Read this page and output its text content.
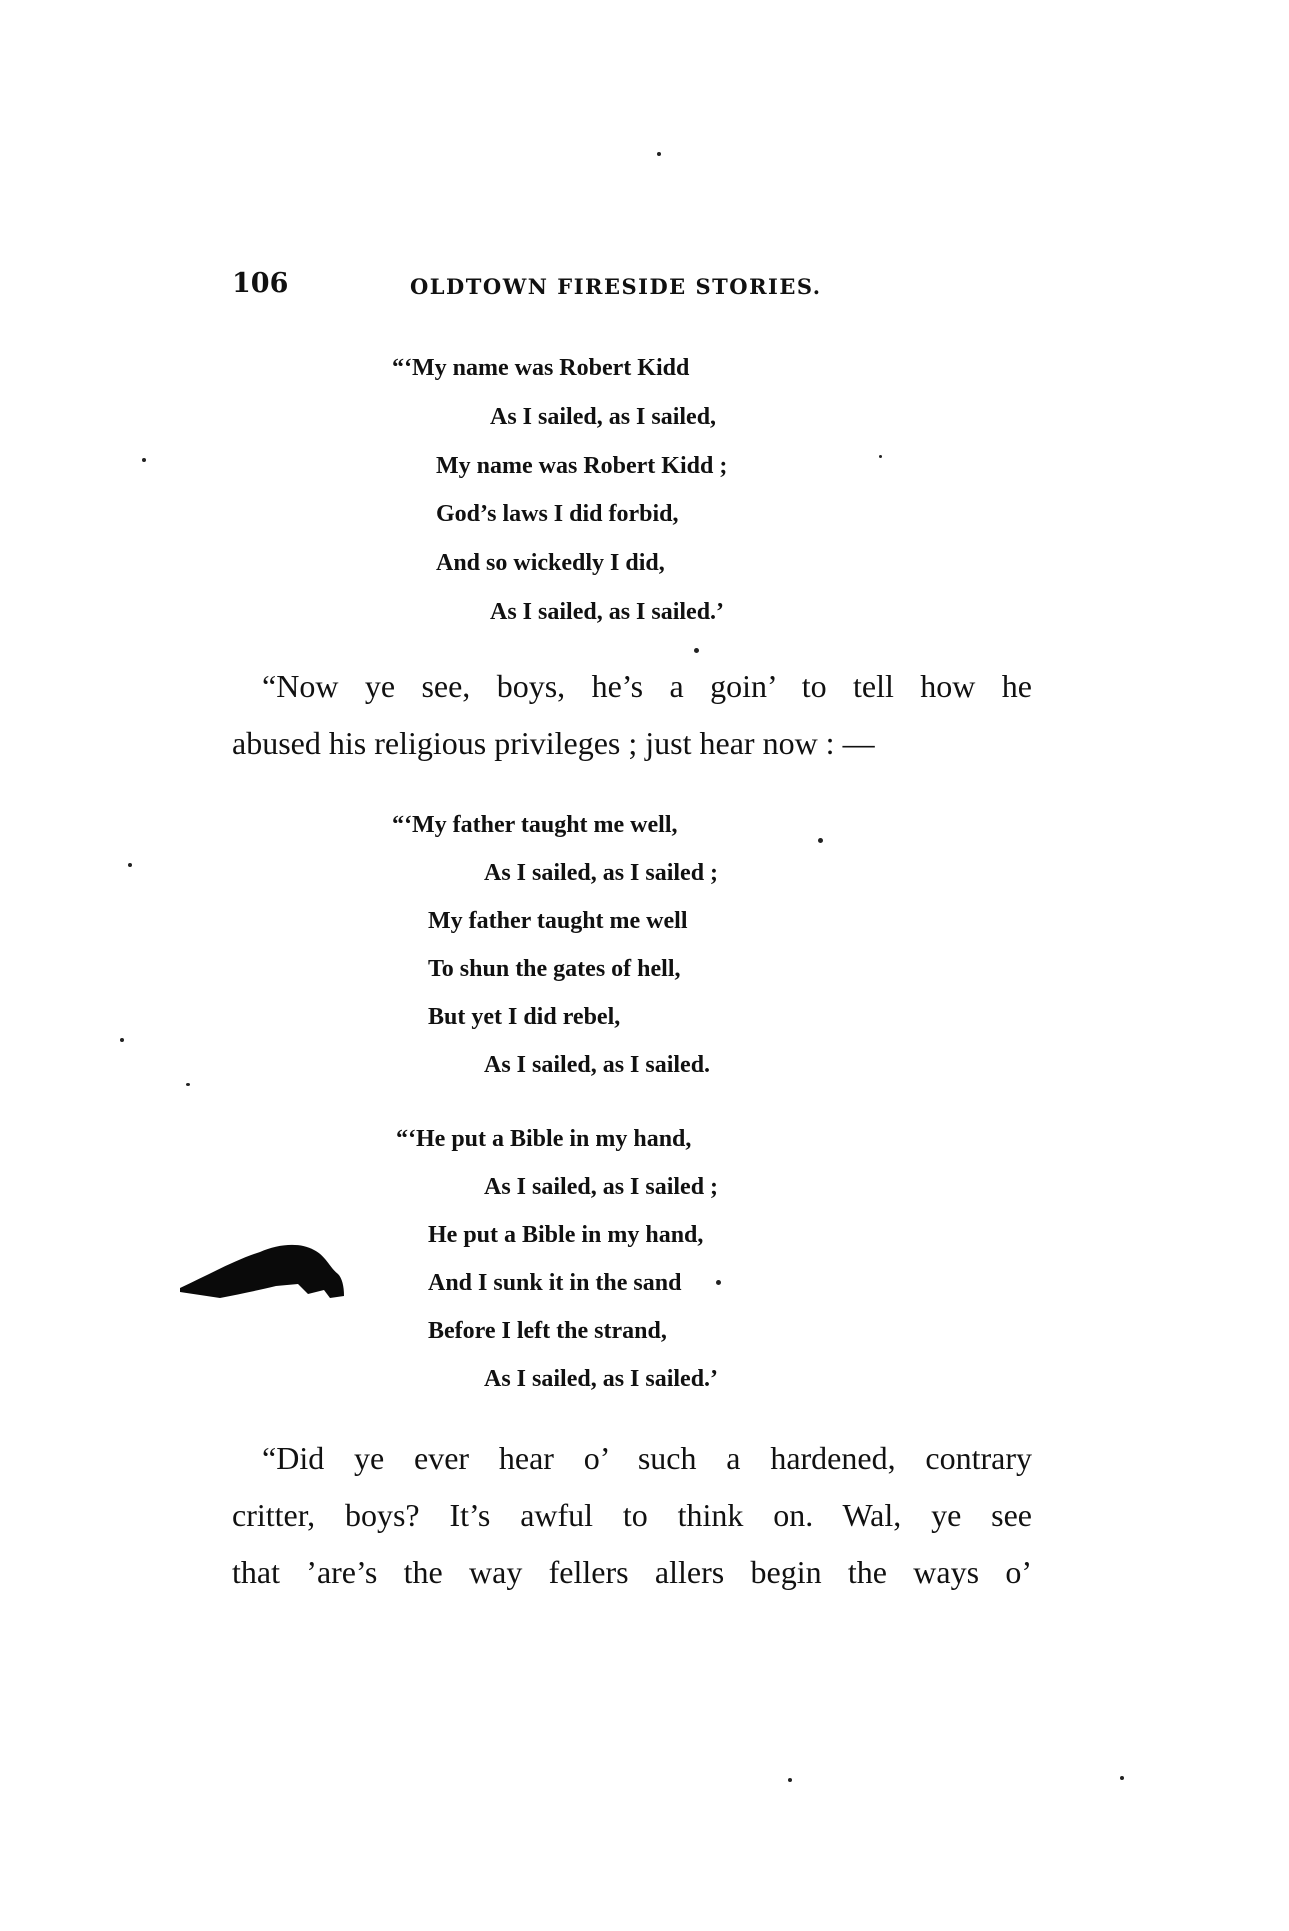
106	OLDTOWN FIRESIDE STORIES.
“‘My name was Robert Kidd
As I sailed, as I sailed,
My name was Robert Kidd ;
God’s laws I did forbid,
And so wickedly I did,
As I sailed, as I sailed.’
“Now ye see, boys, he’s a goin’ to tell how he
abused his religious privileges ; just hear now : —
“‘My father taught me well,
As I sailed, as I sailed ;
My father taught me well
To shun the gates of hell,
But yet I did rebel,
As I sailed, as I sailed.
“‘He put a Bible in my hand,
As I sailed, as I sailed ;
He put a Bible in my hand,
And I sunk it in the sand
Before I left the strand,
As I sailed, as I sailed.’
“Did ye ever hear o’ such a hardened, contrary
critter, boys? It’s awful to think on. Wal, ye see
that ’are’s the way fellers allers begin the ways o’
